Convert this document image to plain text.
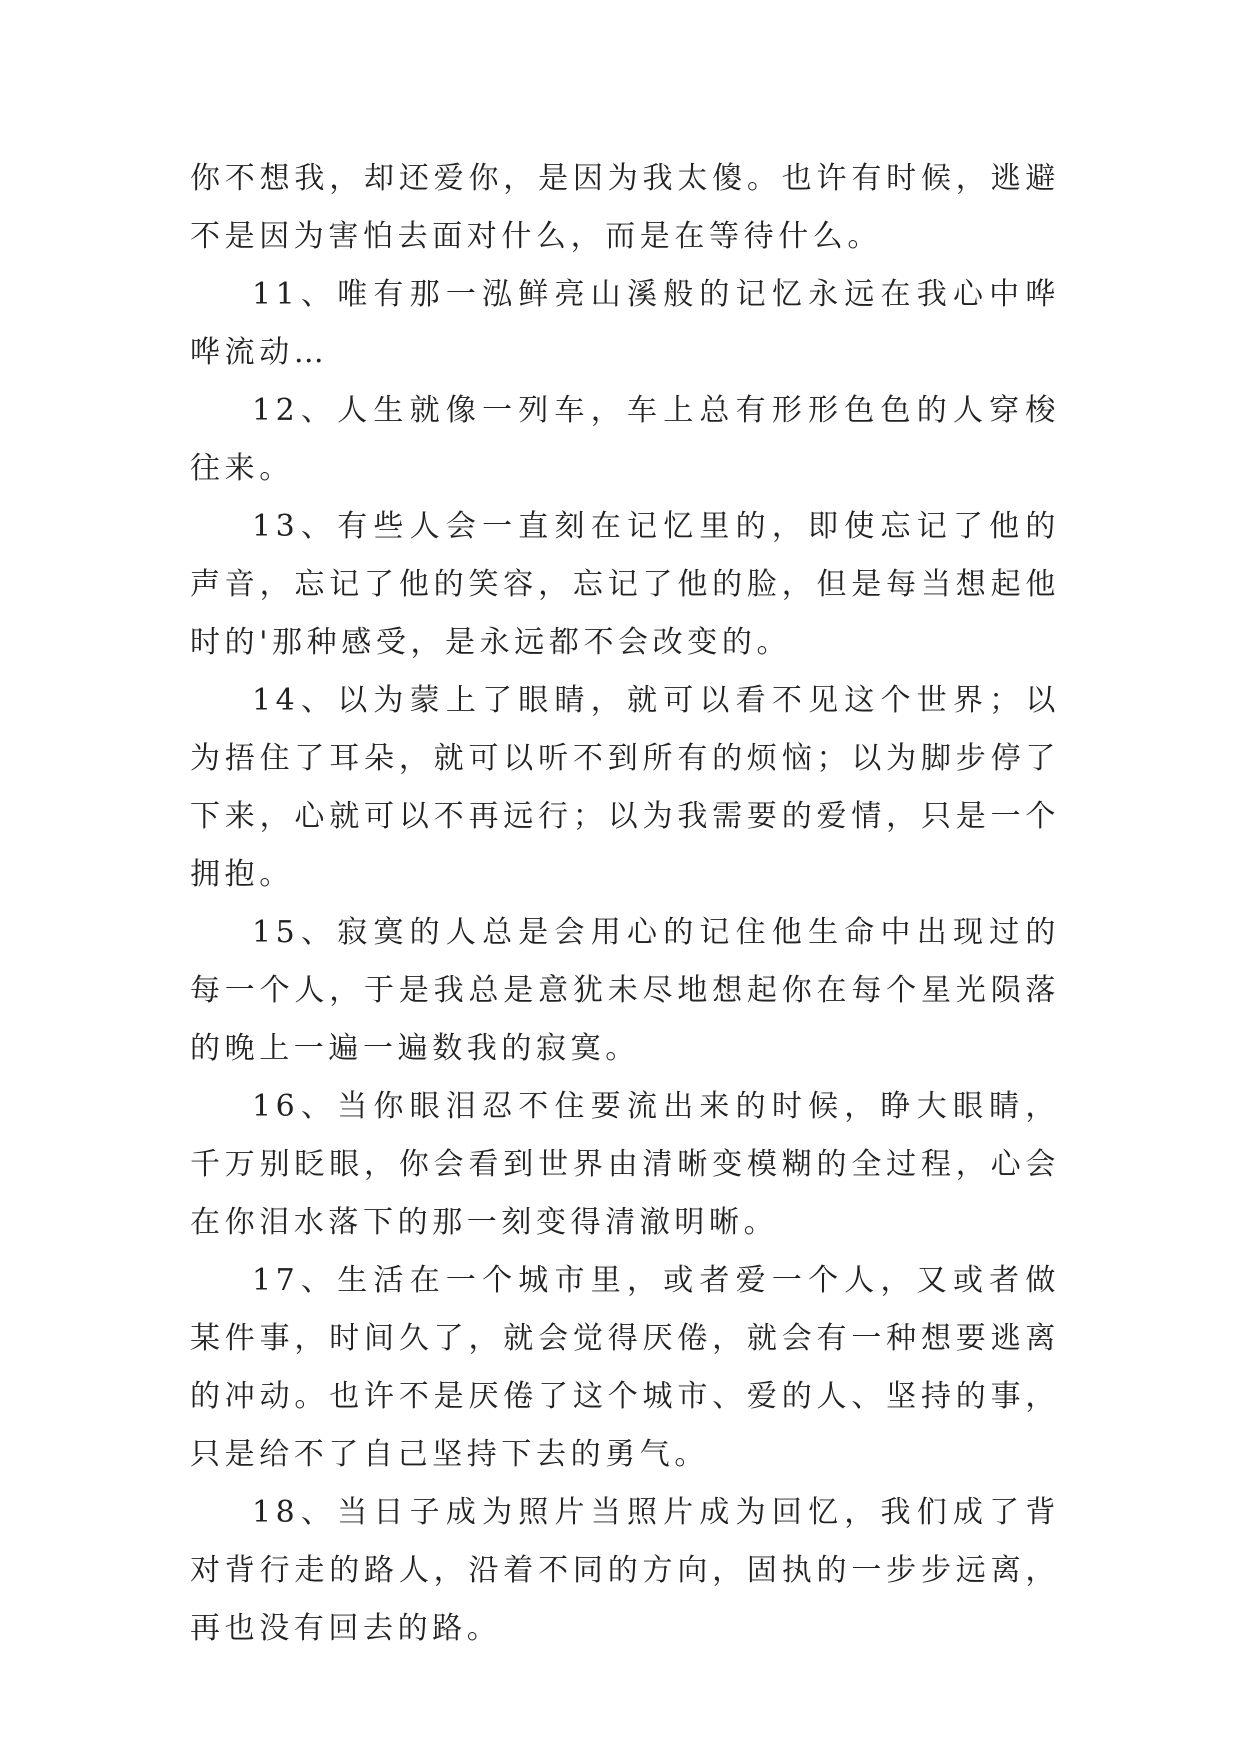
你不想我，却还爱你，是因为我太傻。也许有时候，逃避不是因为害怕去面对什么，而是在等待什么。

11、唯有那一泓鲜亮山溪般的记忆永远在我心中哗哗流动…

12、人生就像一列车，车上总有形形色色的人穿梭往来。

13、有些人会一直刻在记忆里的，即使忘记了他的声音，忘记了他的笑容，忘记了他的脸，但是每当想起他时的'那种感受，是永远都不会改变的。

14、以为蒙上了眼睛，就可以看不见这个世界；以为捂住了耳朵，就可以听不到所有的烦恼；以为脚步停了下来，心就可以不再远行；以为我需要的爱情，只是一个拥抱。

15、寂寞的人总是会用心的记住他生命中出现过的每一个人，于是我总是意犹未尽地想起你在每个星光陨落的晚上一遍一遍数我的寂寞。

16、当你眼泪忍不住要流出来的时候，睁大眼睛，千万别眨眼，你会看到世界由清晰变模糊的全过程，心会在你泪水落下的那一刻变得清澈明晰。

17、生活在一个城市里，或者爱一个人，又或者做某件事，时间久了，就会觉得厌倦，就会有一种想要逃离的冲动。也许不是厌倦了这个城市、爱的人、坚持的事，只是给不了自己坚持下去的勇气。

18、当日子成为照片当照片成为回忆，我们成了背对背行走的路人，沿着不同的方向，固执的一步步远离，再也没有回去的路。
